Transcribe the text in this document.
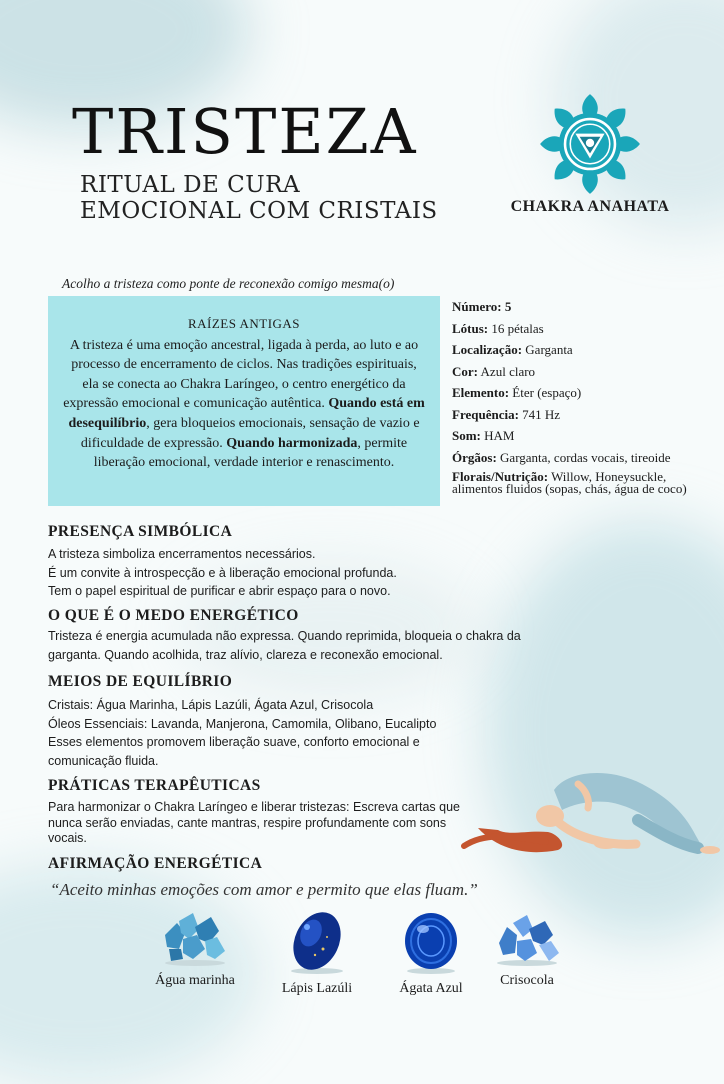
TRISTEZA
RITUAL DE CURA
EMOCIONAL COM CRISTAIS	CHAKRA ANAHATA
Acolho a tristeza como ponte de reconexão comigo mesma(o)
RAÍZES ANTIGAS

A tristeza é uma emoção ancestral, ligada à perda, ao luto e ao processo de encerramento de ciclos. Nas tradições espirituais, ela se conecta ao Chakra Laríngeo, o centro energético da expressão emocional e comunicação autêntica. Quando está em desequilíbrio, gera bloqueios emocionais, sensação de vazio e dificuldade de expressão. Quando harmonizada, permite liberação emocional, verdade interior e renascimento.

Número: 5
Lótus: 16 pétalas
Localização: Garganta
Cor: Azul claro
Elemento: Éter (espaço)
Frequência: 741 Hz
Som: HAM
Órgãos: Garganta, cordas vocais, tireoide
Florais/Nutrição: Willow, Honeysuckle, alimentos fluidos (sopas, chás, água de coco)
PRESENÇA SIMBÓLICA
A tristeza simboliza encerramentos necessários.
É um convite à introspecção e à liberação emocional profunda.
Tem o papel espiritual de purificar e abrir espaço para o novo.
O QUE É O MEDO ENERGÉTICO
Tristeza é energia acumulada não expressa. Quando reprimida, bloqueia o chakra da
garganta. Quando acolhida, traz alívio, clareza e reconexão emocional.
MEIOS DE EQUILÍBRIO
Cristais: Água Marinha, Lápis Lazúli, Ágata Azul, Crisocola
Óleos Essenciais: Lavanda, Manjerona, Camomila, Olibano, Eucalipto
Esses elementos promovem liberação suave, conforto emocional e
comunicação fluida.
PRÁTICAS TERAPÊUTICAS
Para harmonizar o Chakra Laríngeo e liberar tristezas: Escreva cartas que
nunca serão enviadas, cante mantras, respire profundamente com sons
vocais.
AFIRMAÇÃO ENERGÉTICA

“Aceito minhas emoções com amor e permito que elas fluam.”

Água marinha
Lápis Lazúli	Ágata Azul
Crisocola
